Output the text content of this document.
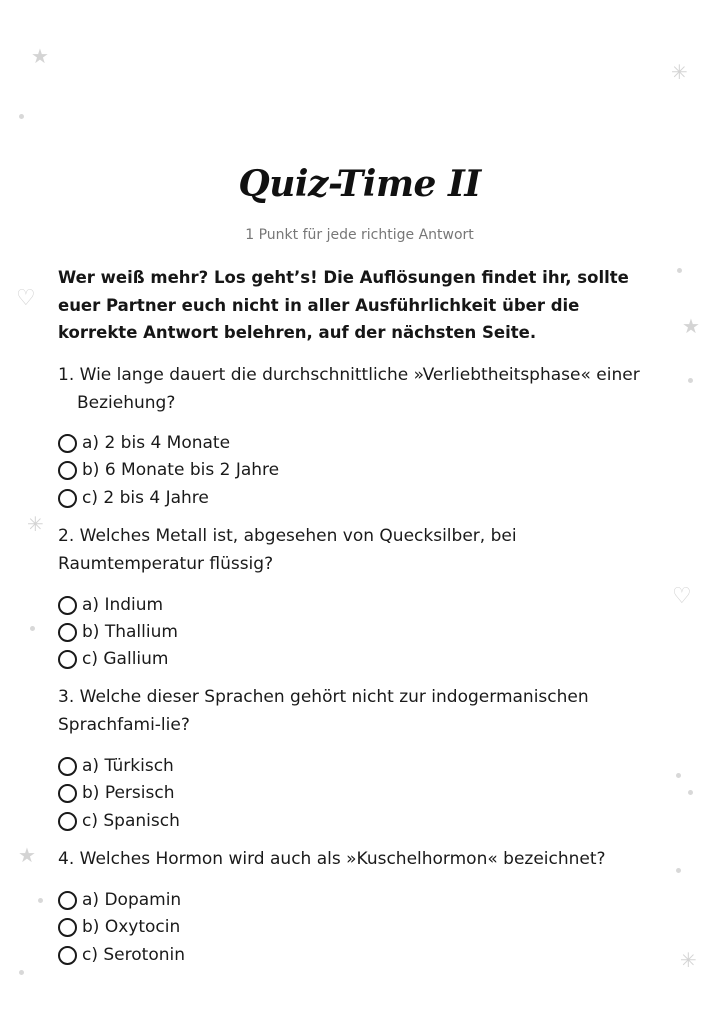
★
✳
♡
★
✳
♡
★
✳
Quiz-Time II
1 Punkt für jede richtige Antwort
Wer weiß mehr? Los geht’s! Die Auflösungen findet ihr, sollte euer Partner euch nicht in aller Ausführlichkeit über die korrekte Antwort belehren, auf der nächsten Seite.
1. Wie lange dauert die durchschnittliche »Verliebtheitsphase« einer Beziehung?
a) 2 bis 4 Monate
b) 6 Monate bis 2 Jahre
c) 2 bis 4 Jahre
2. Welches Metall ist, abgesehen von Quecksilber, bei Raumtemperatur flüssig?
a) Indium
b) Thallium
c) Gallium
3. Welche dieser Sprachen gehört nicht zur indogermanischen Sprachfami-lie?
a) Türkisch
b) Persisch
c) Spanisch
4. Welches Hormon wird auch als »Kuschelhormon« bezeichnet?
a) Dopamin
b) Oxytocin
c) Serotonin
